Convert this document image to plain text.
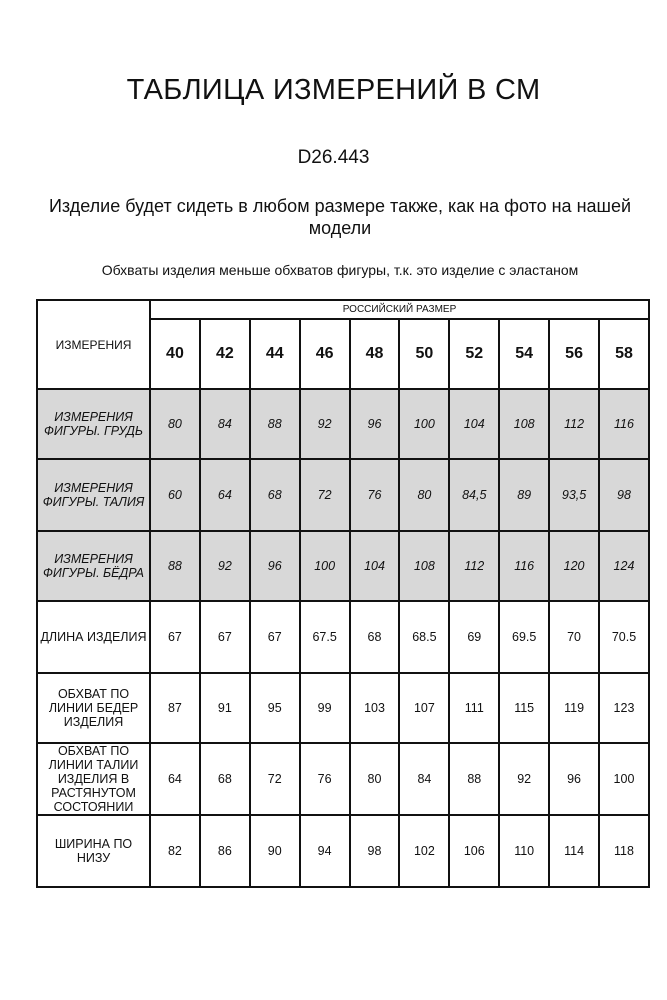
ТАБЛИЦА ИЗМЕРЕНИЙ В СМ
D26.443
Изделие будет сидеть в любом размере также, как на фото на нашей модели
Обхваты изделия меньше обхватов фигуры, т.к. это изделие с эластаном
ИЗМЕРЕНИЯ	РОССИЙСКИЙ РАЗМЕР									
	40	42	44	46	48	50	52	54	56	58
ИЗМЕРЕНИЯ ФИГУРЫ. ГРУДЬ	80	84	88	92	96	100	104	108	112	116
ИЗМЕРЕНИЯ ФИГУРЫ. ТАЛИЯ	60	64	68	72	76	80	84,5	89	93,5	98
ИЗМЕРЕНИЯ ФИГУРЫ. БЁДРА	88	92	96	100	104	108	112	116	120	124
ДЛИНА ИЗДЕЛИЯ	67	67	67	67.5	68	68.5	69	69.5	70	70.5
ОБХВАТ ПО ЛИНИИ БЕДЕР ИЗДЕЛИЯ	87	91	95	99	103	107	111	115	119	123
ОБХВАТ ПО ЛИНИИ ТАЛИИ ИЗДЕЛИЯ В РАСТЯНУТОМ СОСТОЯНИИ	64	68	72	76	80	84	88	92	96	100
ШИРИНА ПО НИЗУ	82	86	90	94	98	102	106	110	114	118
